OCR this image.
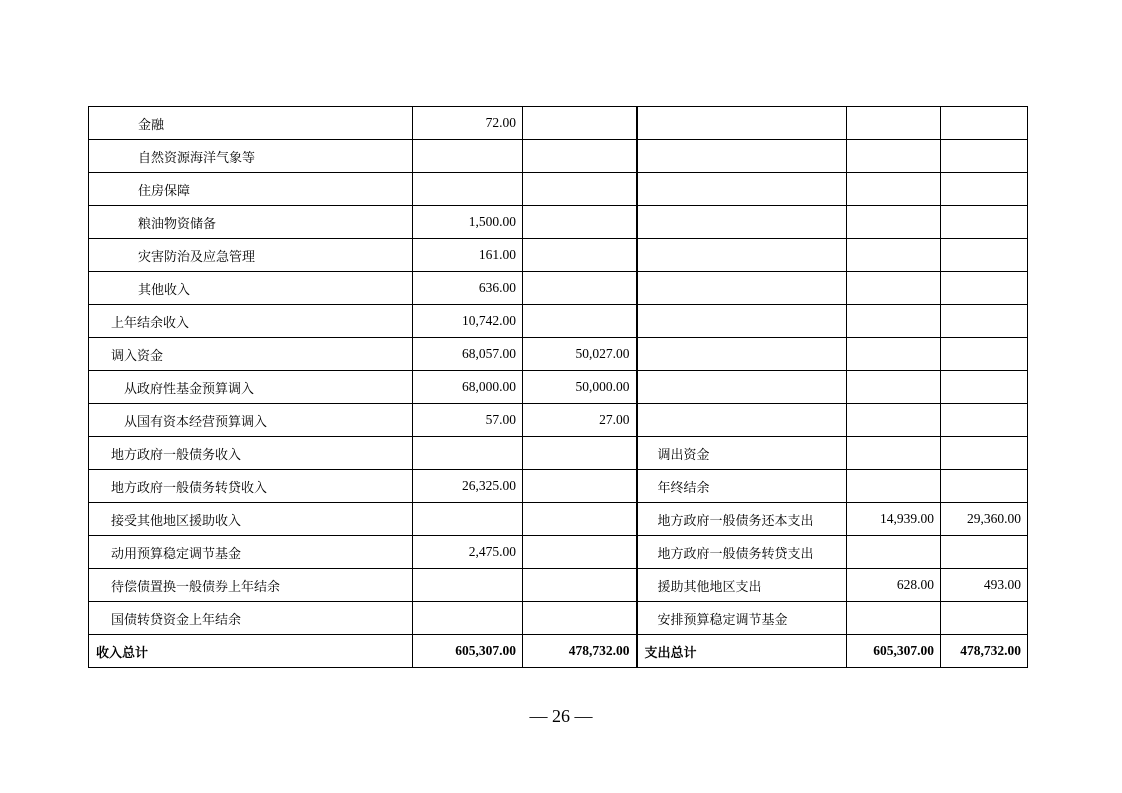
金融	72.00				
自然资源海洋气象等					
住房保障					
粮油物资储备	1,500.00				
灾害防治及应急管理	161.00				
其他收入	636.00				
上年结余收入	10,742.00				
调入资金	68,057.00	50,027.00			
从政府性基金预算调入	68,000.00	50,000.00			
从国有资本经营预算调入	57.00	27.00			
地方政府一般债务收入			调出资金		
地方政府一般债务转贷收入	26,325.00		年终结余		
接受其他地区援助收入			地方政府一般债务还本支出	14,939.00	29,360.00
动用预算稳定调节基金	2,475.00		地方政府一般债务转贷支出		
待偿债置换一般债券上年结余			援助其他地区支出	628.00	493.00
国债转贷资金上年结余			安排预算稳定调节基金		
收入总计	605,307.00	478,732.00	支出总计	605,307.00	478,732.00
— 26 —
